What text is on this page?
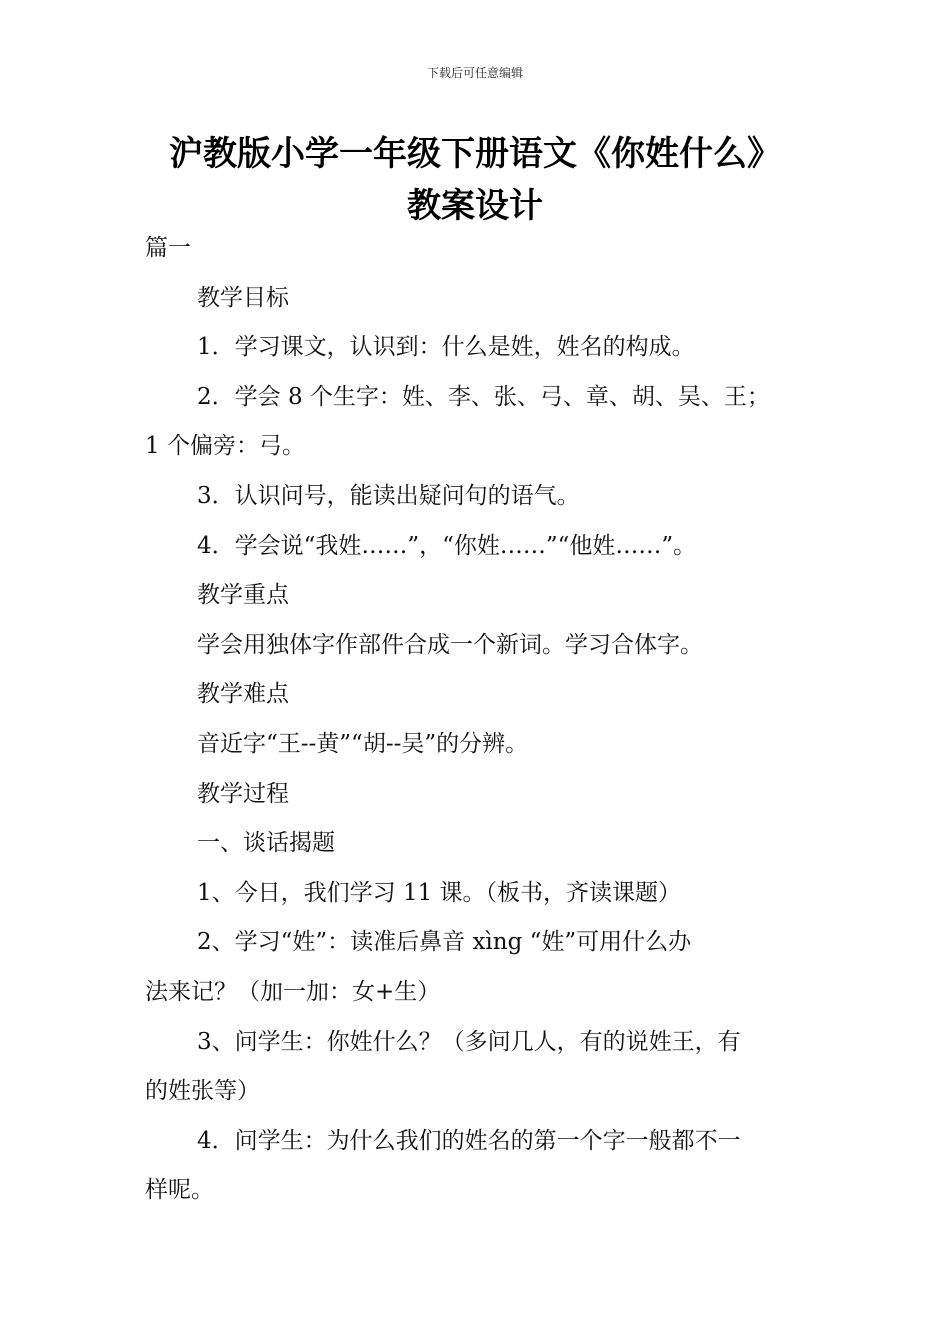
下载后可任意编辑
沪教版小学一年级下册语文《你姓什么》
教案设计

篇一

教学目标

1．学习课文，认识到：什么是姓，姓名的构成。

2．学会 8 个生字：姓、李、张、弓、章、胡、吴、王；

1 个偏旁：弓。

3．认识问号，能读出疑问句的语气。

4．学会说“我姓……”，“你姓……”“他姓……”。

教学重点

学会用独体字作部件合成一个新词。学习合体字。

教学难点

音近字“王--黄”“胡--吴”的分辨。

教学过程

一、谈话揭题

1、今日，我们学习 11 课。（板书，齐读课题）

2、学习“姓”：读准后鼻音 xìng “姓”可用什么办

法来记？（加一加：女+生）

3、问学生：你姓什么？（多问几人，有的说姓王，有

的姓张等）

4．问学生：为什么我们的姓名的第一个字一般都不一

样呢。
